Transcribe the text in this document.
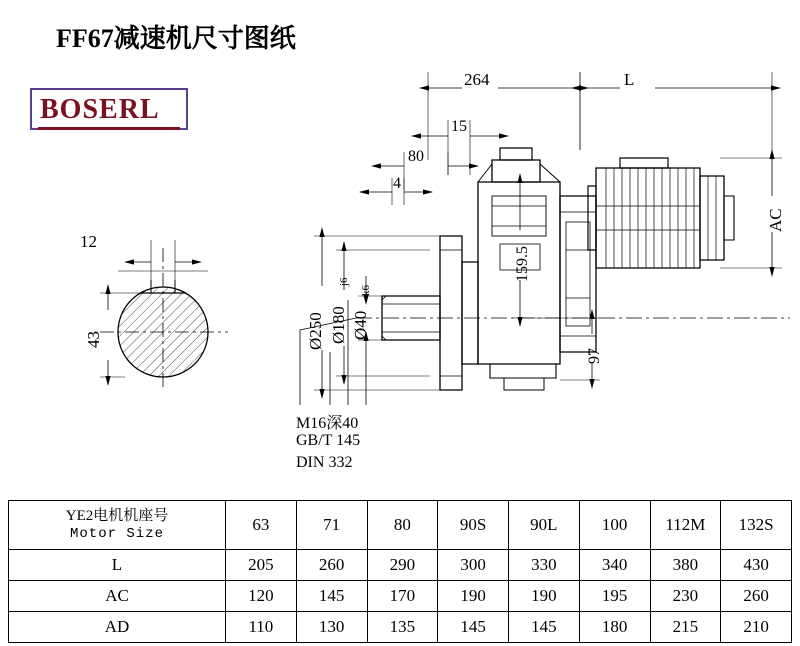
FF67减速机尺寸图纸
BOSERL
12
43
264	L
15
80
4
Ø250 Ø180
j6
Ø40
k6
159.5
97
AC
M16深40
GB/T 145
DIN 332
YE2电机机座号
Motor Size	63	71	80	90S	90L	100	112M	132S
L	205	260	290	300	330	340	380	430
AC	120	145	170	190	190	195	230	260
AD	110	130	135	145	145	180	215	210
